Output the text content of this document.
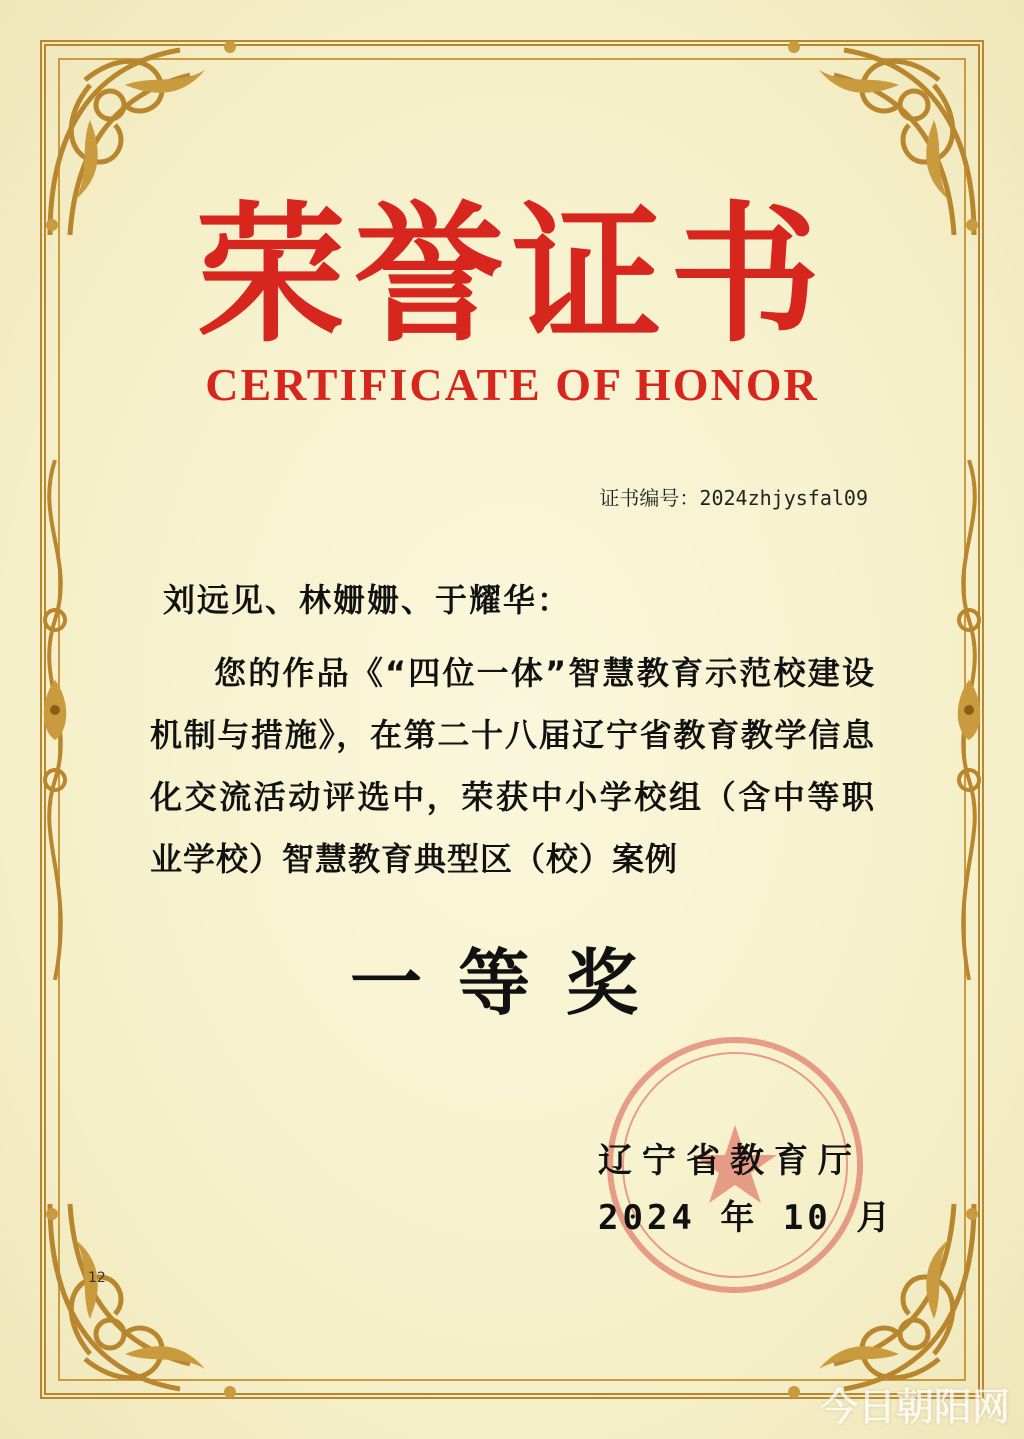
荣誉证书
CERTIFICATE OF HONOR
证书编号：2024zhjysfal09
刘远见、林姗姗、于耀华：
您的作品《“四位一体”智慧教育示范校建设机制与措施》，在第二十八届辽宁省教育教学信息化交流活动评选中，荣获中小学校组（含中等职业学校）智慧教育典型区（校）案例
一等奖
辽宁省教育厅
2024 年 10 月
12
今日朝阳网
